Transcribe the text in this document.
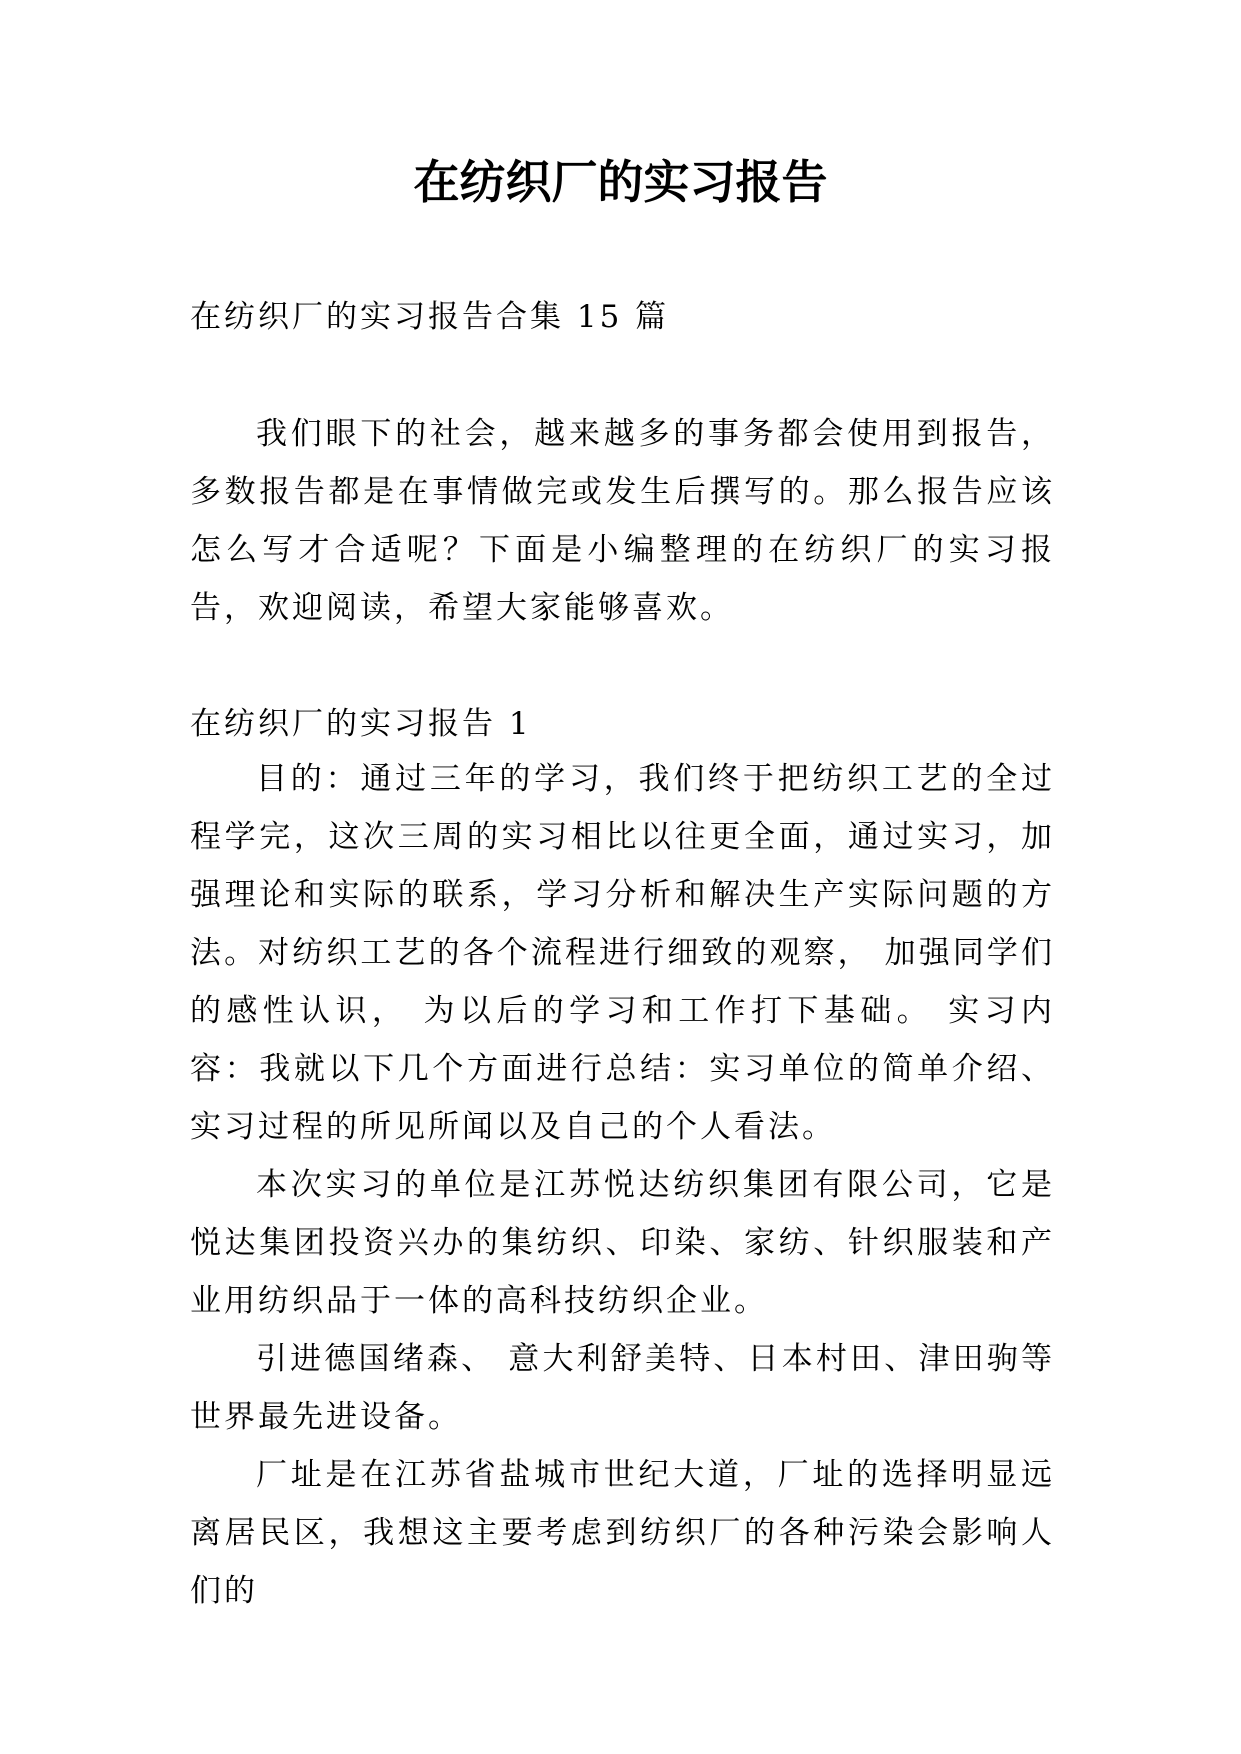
在纺织厂的实习报告

在纺织厂的实习报告合集 15 篇

我们眼下的社会，越来越多的事务都会使用到报告，多数报告都是在事情做完或发生后撰写的。那么报告应该怎么写才合适呢？下面是小编整理的在纺织厂的实习报告，欢迎阅读，希望大家能够喜欢。

在纺织厂的实习报告 1

目的：通过三年的学习，我们终于把纺织工艺的全过程学完，这次三周的实习相比以往更全面，通过实习，加强理论和实际的联系，学习分析和解决生产实际问题的方法。对纺织工艺的各个流程进行细致的观察， 加强同学们的感性认识， 为以后的学习和工作打下基础。 实习内容：我就以下几个方面进行总结：实习单位的简单介绍、实习过程的所见所闻以及自己的个人看法。

本次实习的单位是江苏悦达纺织集团有限公司，它是悦达集团投资兴办的集纺织、印染、家纺、针织服装和产业用纺织品于一体的高科技纺织企业。

引进德国绪森、 意大利舒美特、日本村田、津田驹等世界最先进设备。

厂址是在江苏省盐城市世纪大道，厂址的选择明显远离居民区，我想这主要考虑到纺织厂的各种污染会影响人们的
